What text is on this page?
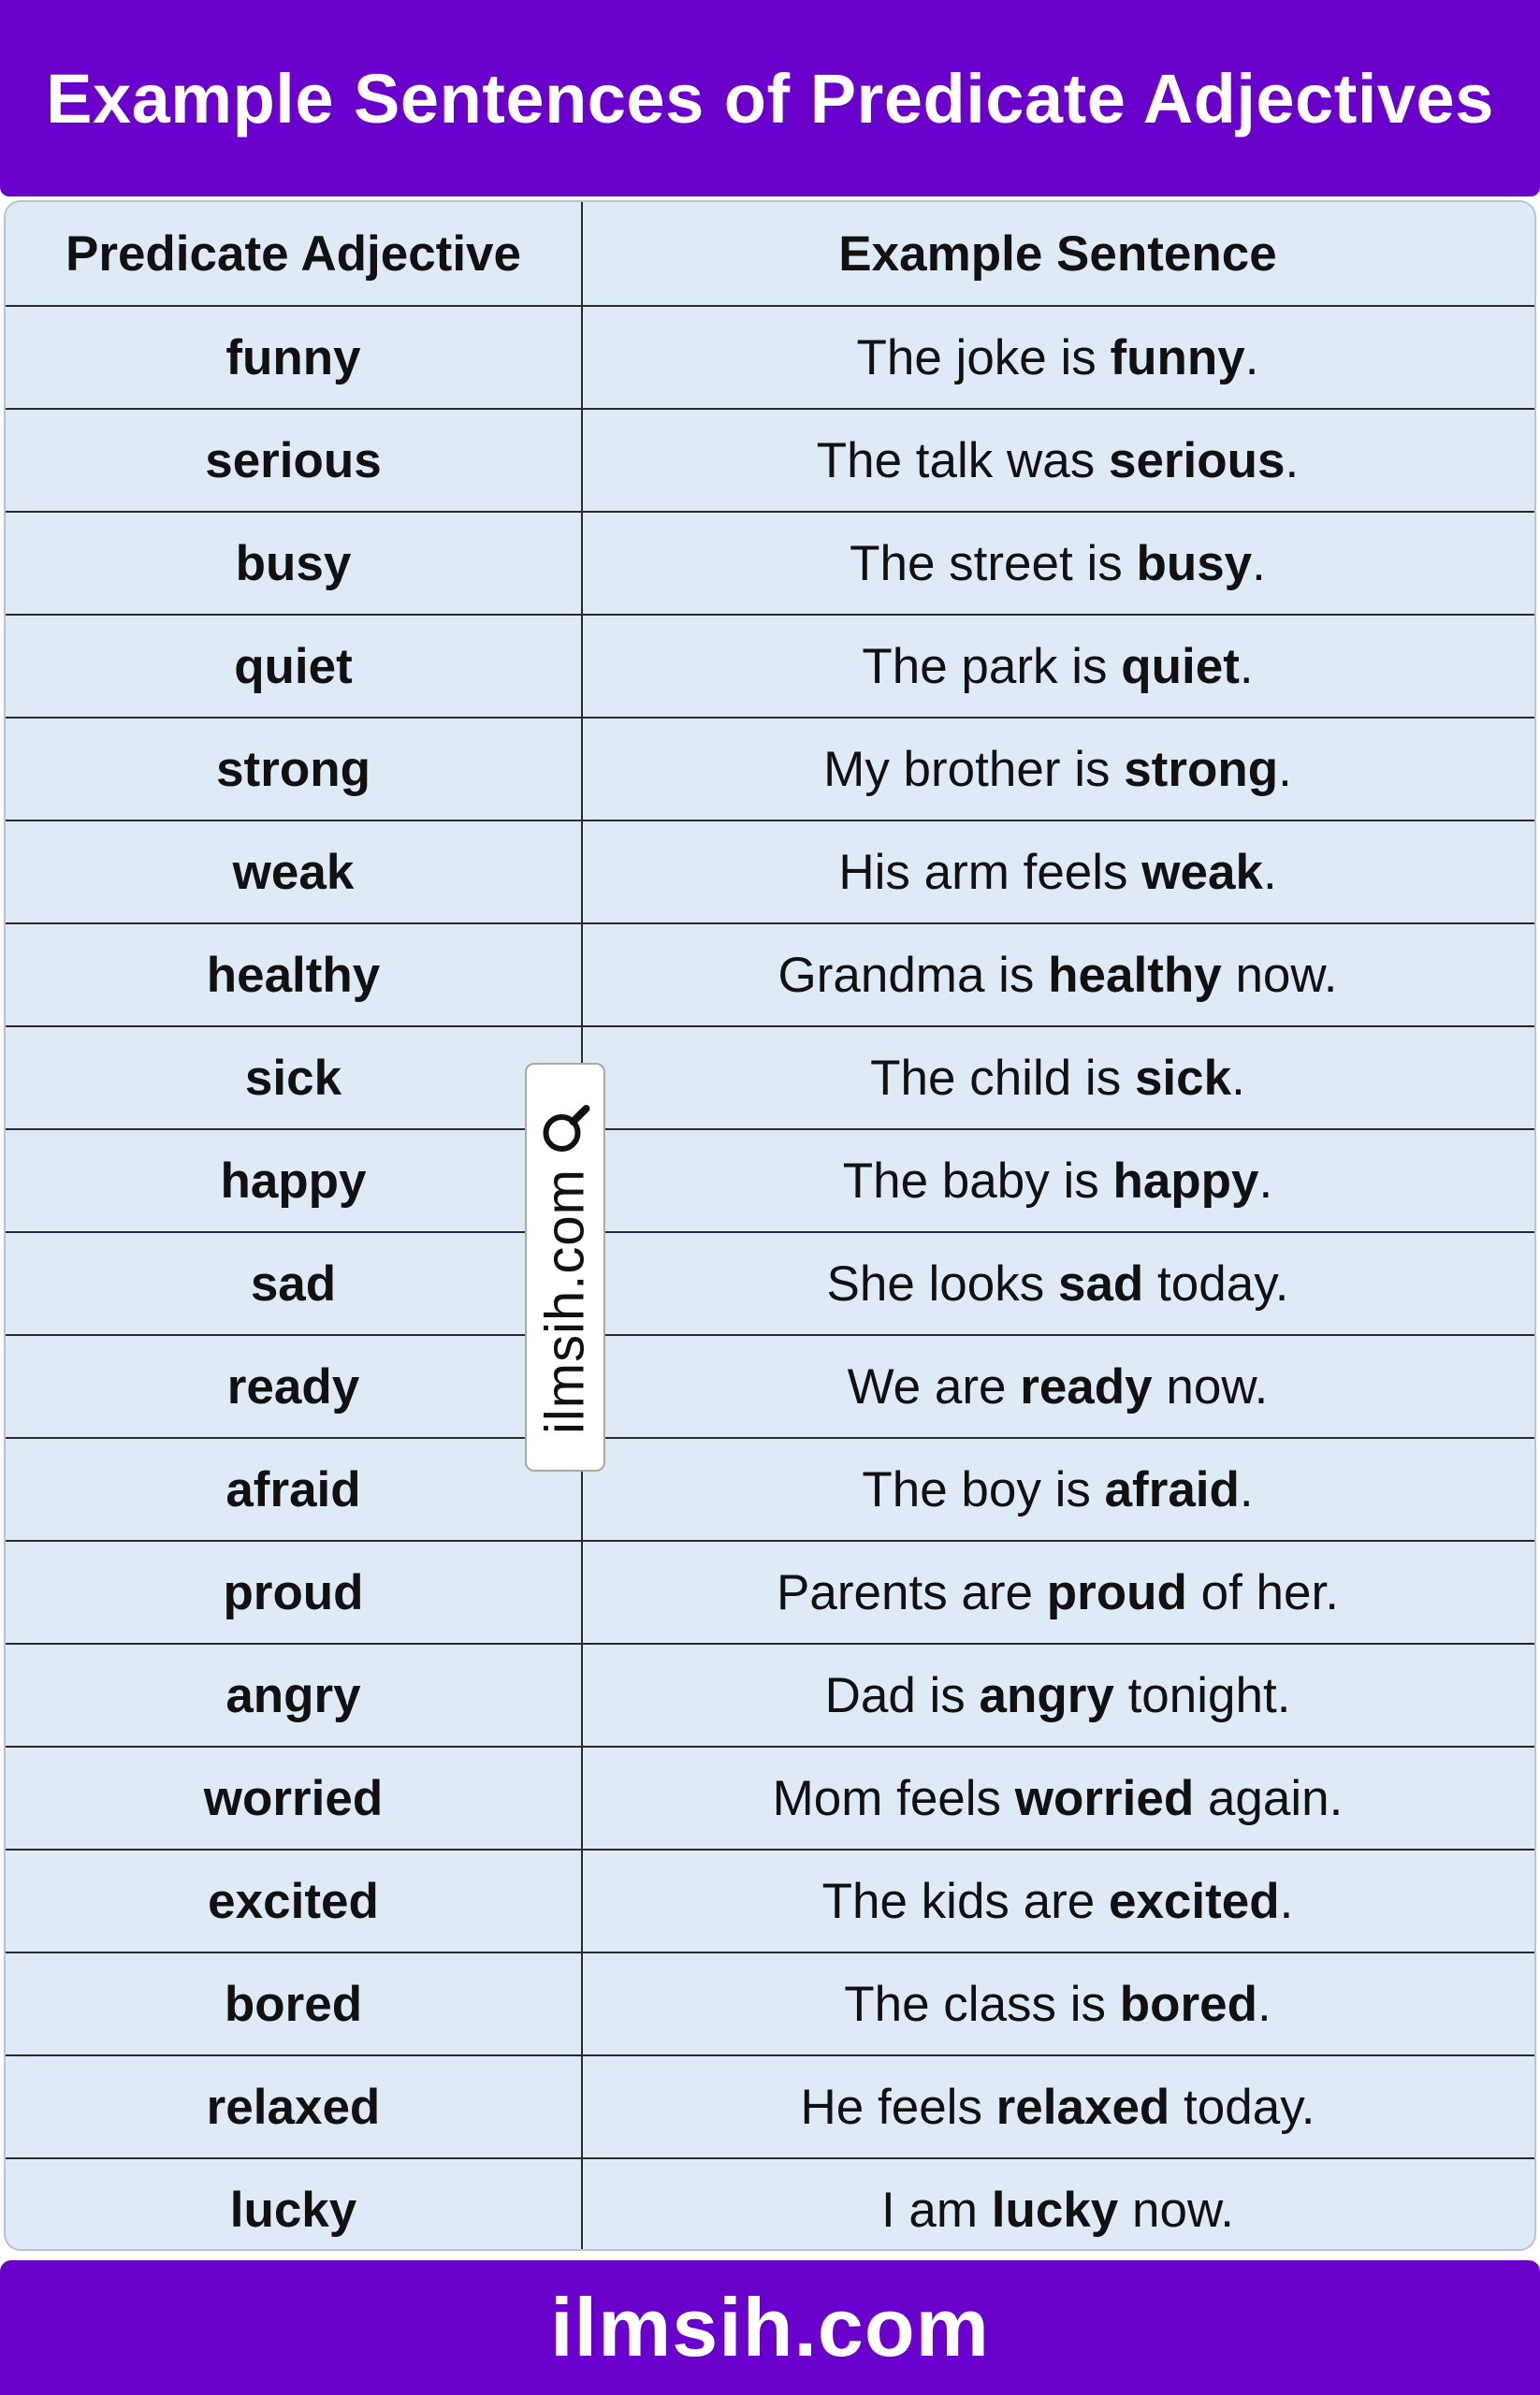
Example Sentences of Predicate Adjectives
Predicate Adjective	Example Sentence
funny	The joke is funny .
serious	The talk was serious .
busy	The street is busy .
quiet	The park is quiet .
strong	My brother is strong .
weak	His arm feels weak .
healthy	Grandma is healthy now.
sick	The child is sick .
happy	The baby is happy .
sad	She looks sad today.
ready	We are ready now.
afraid	The boy is afraid .
proud	Parents are proud of her.
angry	Dad is angry tonight.
worried	Mom feels worried again.
excited	The kids are excited .
bored	The class is bored .
relaxed	He feels relaxed today.
lucky	I am lucky now.
ilmsih.com
ilmsih.com
